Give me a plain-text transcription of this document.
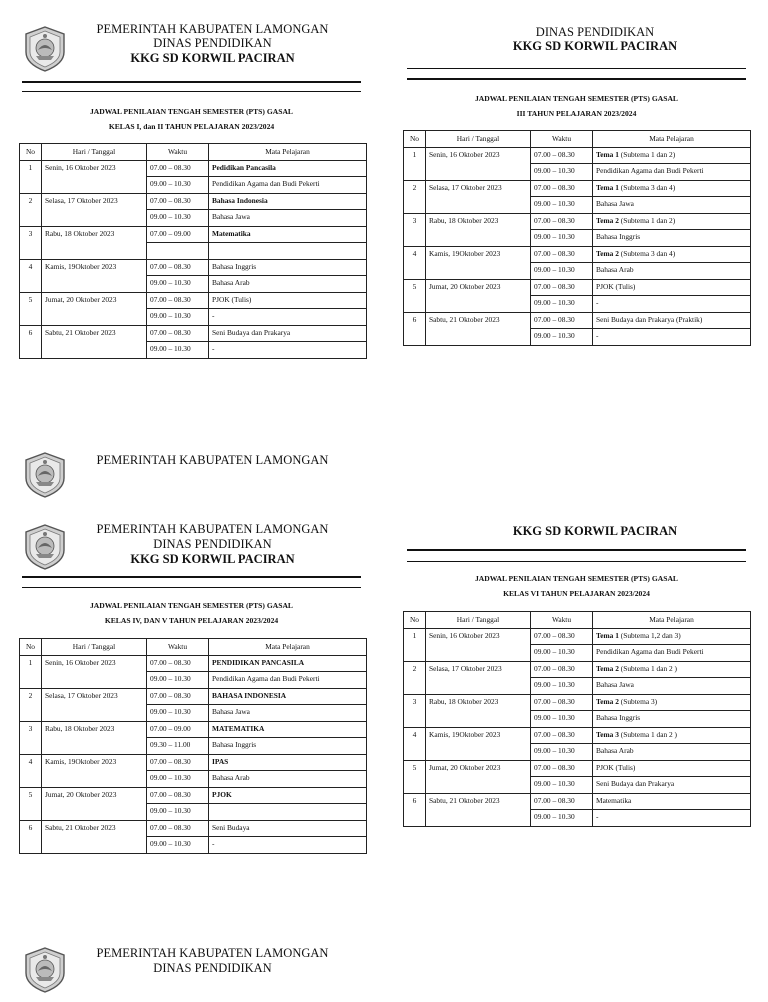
PEMERINTAH KABUPATEN LAMONGAN
DINAS PENDIDIKAN
KKG SD KORWIL PACIRAN
JADWAL PENILAIAN TENGAH SEMESTER (PTS) GASAL
KELAS I, dan II TAHUN PELAJARAN 2023/2024
No	Hari / Tanggal	Waktu	Mata Pelajaran
1	Senin, 16 Oktober 2023	07.00 – 08.30	Pedidikan Pancasila
		09.00 – 10.30	Pendidikan Agama dan Budi Pekerti
2	Selasa, 17 Oktober 2023	07.00 – 08.30	Bahasa Indonesia
		09.00 – 10.30	Bahasa Jawa
3	Rabu, 18 Oktober 2023	07.00 – 09.00	Matematika

4	Kamis, 19Oktober 2023	07.00 – 08.30	Bahasa Inggris
		09.00 – 10.30	Bahasa Arab
5	Jumat, 20 Oktober 2023	07.00 – 08.30	PJOK (Tulis)
		09.00 – 10.30	-
6	Sabtu, 21 Oktober 2023	07.00 – 08.30	Seni Budaya dan Prakarya
		09.00 – 10.30	-
DINAS PENDIDIKAN
KKG SD KORWIL PACIRAN
JADWAL PENILAIAN TENGAH SEMESTER (PTS) GASAL
III TAHUN PELAJARAN 2023/2024
No	Hari / Tanggal	Waktu	Mata Pelajaran
1	Senin, 16 Oktober 2023	07.00 – 08.30	Tema 1 (Subtema 1 dan 2)
		09.00 – 10.30	Pendidikan Agama dan Budi Pekerti
2	Selasa, 17 Oktober 2023	07.00 – 08.30	Tema 1 (Subtema 3 dan 4)
		09.00 – 10.30	Bahasa Jawa
3	Rabu, 18 Oktober 2023	07.00 – 08.30	Tema 2 (Subtema 1 dan 2)
		09.00 – 10.30	Bahasa Inggris
4	Kamis, 19Oktober 2023	07.00 – 08.30	Tema 2 (Subtema 3 dan 4)
		09.00 – 10.30	Bahasa Arab
5	Jumat, 20 Oktober 2023	07.00 – 08.30	PJOK (Tulis)
		09.00 – 10.30	-
6	Sabtu, 21 Oktober 2023	07.00 – 08.30	Seni Budaya dan Prakarya (Praktik)
		09.00 – 10.30	-
PEMERINTAH KABUPATEN LAMONGAN
PEMERINTAH KABUPATEN LAMONGAN
DINAS PENDIDIKAN
KKG SD KORWIL PACIRAN
JADWAL PENILAIAN TENGAH SEMESTER (PTS) GASAL
KELAS IV, DAN V TAHUN PELAJARAN 2023/2024
No	Hari / Tanggal	Waktu	Mata Pelajaran
1	Senin, 16 Oktober 2023	07.00 – 08.30	PENDIDIKAN PANCASILA
		09.00 – 10.30	Pendidikan Agama dan Budi Pekerti
2	Selasa, 17 Oktober 2023	07.00 – 08.30	BAHASA INDONESIA
		09.00 – 10.30	Bahasa Jawa
3	Rabu, 18 Oktober 2023	07.00 – 09.00	MATEMATIKA
		09.30 – 11.00	Bahasa Inggris
4	Kamis, 19Oktober 2023	07.00 – 08.30	IPAS
		09.00 – 10.30	Bahasa Arab
5	Jumat, 20 Oktober 2023	07.00 – 08.30	PJOK
		09.00 – 10.30	
6	Sabtu, 21 Oktober 2023	07.00 – 08.30	Seni Budaya
		09.00 – 10.30	-
KKG SD KORWIL PACIRAN
JADWAL PENILAIAN TENGAH SEMESTER (PTS) GASAL
KELAS VI TAHUN PELAJARAN 2023/2024
No	Hari / Tanggal	Waktu	Mata Pelajaran
1	Senin, 16 Oktober 2023	07.00 – 08.30	Tema 1 (Subtema 1,2 dan 3)
		09.00 – 10.30	Pendidikan Agama dan Budi Pekerti
2	Selasa, 17 Oktober 2023	07.00 – 08.30	Tema 2 (Subtema 1 dan 2 )
		09.00 – 10.30	Bahasa Jawa
3	Rabu, 18 Oktober 2023	07.00 – 08.30	Tema 2 (Subtema 3)
		09.00 – 10.30	Bahasa Inggris
4	Kamis, 19Oktober 2023	07.00 – 08.30	Tema 3 (Subtema 1 dan 2 )
		09.00 – 10.30	Bahasa Arab
5	Jumat, 20 Oktober 2023	07.00 – 08.30	PJOK (Tulis)
		09.00 – 10.30	Seni Budaya dan Prakarya
6	Sabtu, 21 Oktober 2023	07.00 – 08.30	Matematika
		09.00 – 10.30	-
PEMERINTAH KABUPATEN LAMONGAN
DINAS PENDIDIKAN
